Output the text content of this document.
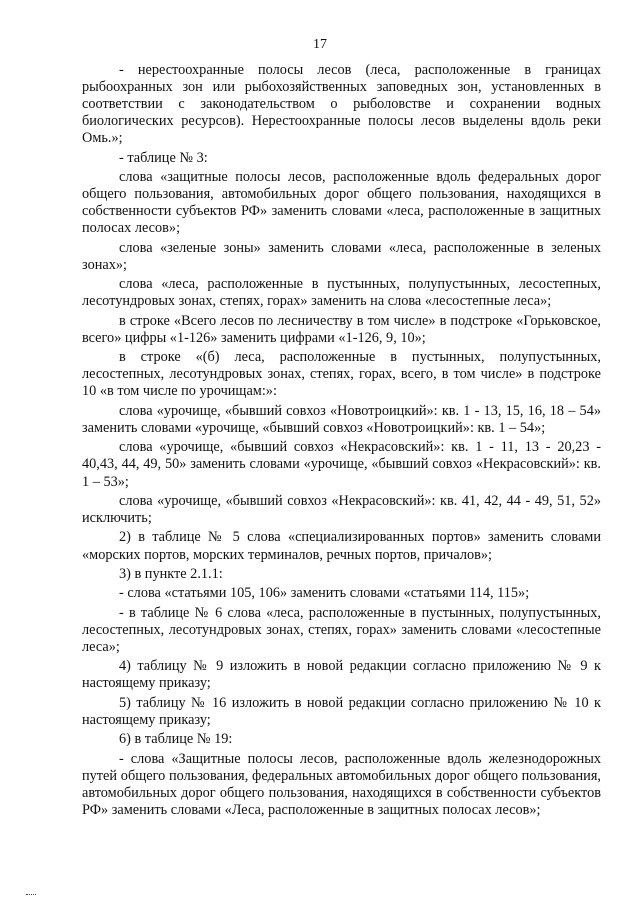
17

- нерестоохранные полосы лесов (леса, расположенные в границах рыбоохранных зон или рыбохозяйственных заповедных зон, установленных в соответствии с законодательством о рыболовстве и сохранении водных биологических ресурсов). Нерестоохранные полосы лесов выделены вдоль реки Омь.»;

- таблице № 3:

слова «защитные полосы лесов, расположенные вдоль федеральных дорог общего пользования, автомобильных дорог общего пользования, находящихся в собственности субъектов РФ» заменить словами «леса, расположенные в защитных полосах лесов»;

слова «зеленые зоны» заменить словами «леса, расположенные в зеленых зонах»;

слова «леса, расположенные в пустынных, полупустынных, лесостепных, лесотундровых зонах, степях, горах» заменить на слова «лесостепные леса»;

в строке «Всего лесов по лесничеству в том числе» в подстроке «Горьковское, всего» цифры «1-126» заменить цифрами «1-126, 9, 10»;

в строке «(б) леса, расположенные в пустынных, полупустынных, лесостепных, лесотундровых зонах, степях, горах, всего, в том числе» в подстроке 10 «в том числе по урочищам:»:

слова «урочище, «бывший совхоз «Новотроицкий»: кв. 1 - 13, 15, 16, 18 – 54» заменить словами «урочище, «бывший совхоз «Новотроицкий»: кв. 1 – 54»;

слова «урочище, «бывший совхоз «Некрасовский»: кв. 1 - 11, 13 - 20,23 - 40,43, 44, 49, 50» заменить словами «урочище, «бывший совхоз «Некрасовский»: кв. 1 – 53»;

слова «урочище, «бывший совхоз «Некрасовский»: кв. 41, 42, 44 - 49, 51, 52» исключить;

2) в таблице № 5 слова «специализированных портов» заменить словами «морских портов, морских терминалов, речных портов, причалов»;

3) в пункте 2.1.1:

- слова «статьями 105, 106» заменить словами «статьями 114, 115»;

- в таблице № 6 слова «леса, расположенные в пустынных, полупустынных, лесостепных, лесотундровых зонах, степях, горах» заменить словами «лесостепные леса»;

4) таблицу № 9 изложить в новой редакции согласно приложению № 9 к настоящему приказу;

5) таблицу № 16 изложить в новой редакции согласно приложению № 10 к настоящему приказу;

6) в таблице № 19:

- слова «Защитные полосы лесов, расположенные вдоль железнодорожных путей общего пользования, федеральных автомобильных дорог общего пользования, автомобильных дорог общего пользования, находящихся в собственности субъектов РФ» заменить словами «Леса, расположенные в защитных полосах лесов»;
